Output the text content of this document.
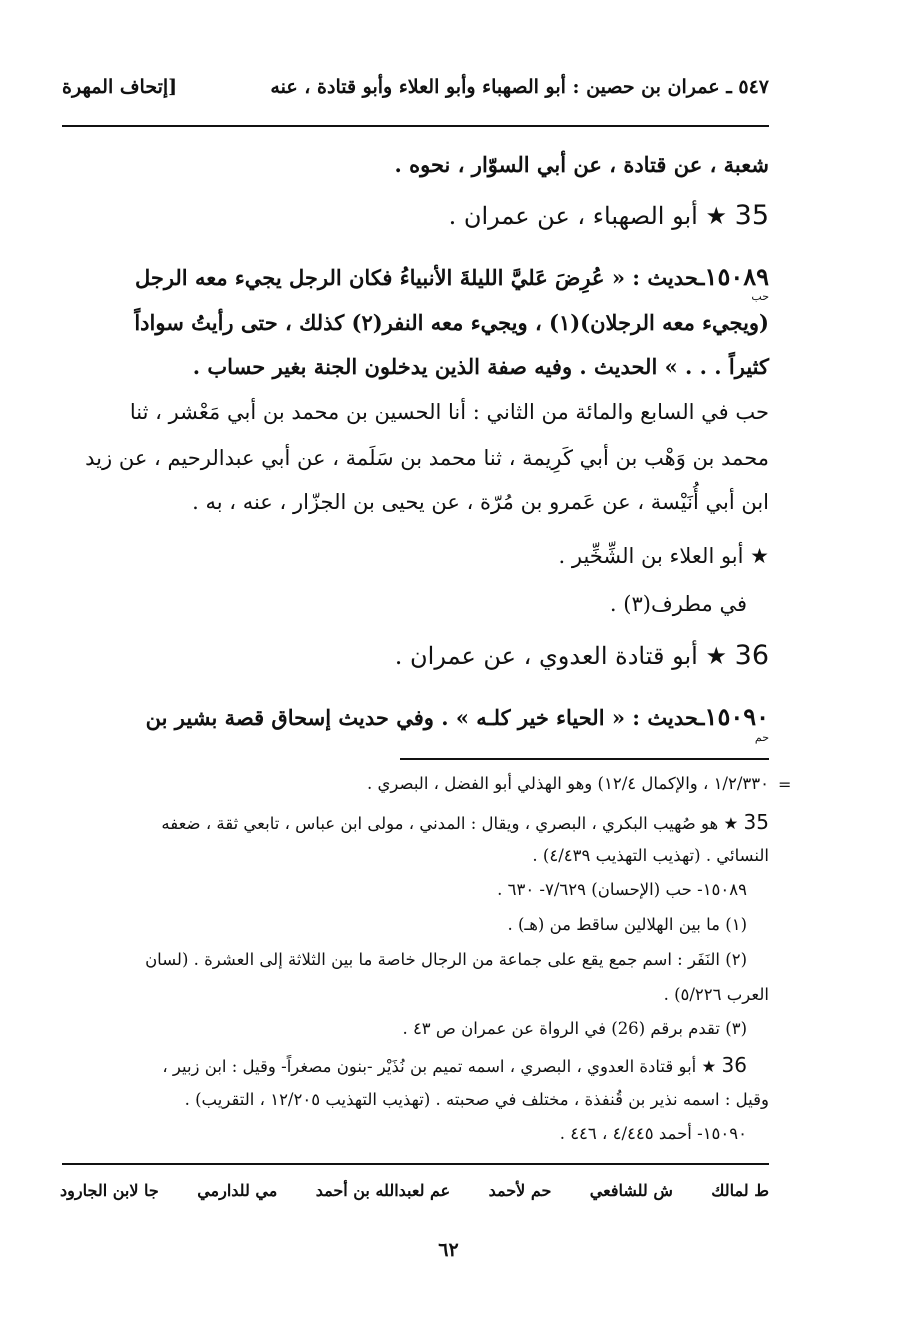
٥٤٧ ـ عمران بن حصين : أبو الصهباء وأبو العلاء وأبو قتادة ، عنه
[إتحاف المهرة
شعبة ، عن قتادة ، عن أبي السوّار ، نحوه .
35 ★ أبو الصهباء ، عن عمران .
١٥٠٨٩ـحديث : « عُرِضَ عَليَّ الليلةَ الأنبياءُ فكان الرجل يجيء معه الرجل
حب
(ويجيء معه الرجلان)(١) ، ويجيء معه النفر(٢) كذلك ، حتى رأيتُ سواداً
كثيراً . . . » الحديث . وفيه صفة الذين يدخلون الجنة بغير حساب .
حب في السابع والمائة من الثاني : أنا الحسين بن محمد بن أبي مَعْشر ، ثنا
محمد بن وَهْب بن أبي كَرِيمة ، ثنا محمد بن سَلَمة ، عن أبي عبدالرحيم ، عن زيد
ابن أبي أُنَيْسة ، عن عَمرو بن مُرّة ، عن يحيى بن الجزّار ، عنه ، به .
★ أبو العلاء بن الشِّخِّير .
في مطرف(٣) .
36 ★ أبو قتادة العدوي ، عن عمران .
١٥٠٩٠ـحديث : « الحياء خير كلـه » . وفي حديث إسحاق قصة بشير بن
حم
=
١/٢/٣٣٠ ، والإكمال ١٢/٤) وهو الهذلي أبو الفضل ، البصري .
35 ★ هو صُهيب البكري ، البصري ، ويقال : المدني ، مولى ابن عباس ، تابعي ثقة ، ضعفه
النسائي . (تهذيب التهذيب ٤/٤٣٩) .
١٥٠٨٩- حب (الإحسان) ٧/٦٢٩- ٦٣٠ .
(١) ما بين الهلالين ساقط من (هـ) .
(٢) النَفَر : اسم جمع يقع على جماعة من الرجال خاصة ما بين الثلاثة إلى العشرة . (لسان
العرب ٥/٢٢٦) .
(٣) تقدم برقم (26) في الرواة عن عمران ص ٤٣ .
36 ★ أبو قتادة العدوي ، البصري ، اسمه تميم بن نُذَيْر -بنون مصغراً- وقيل : ابن زبير ،
وقيل : اسمه نذير بن قُنفذة ، مختلف في صحبته . (تهذيب التهذيب ١٢/٢٠٥ ، التقريب) .
١٥٠٩٠- أحمد ٤/٤٤٥ ، ٤٤٦ .
ط لمالك
ش للشافعي
حم لأحمد
عم لعبدالله بن أحمد
مي للدارمي
جا لابن الجارود
٦٢
